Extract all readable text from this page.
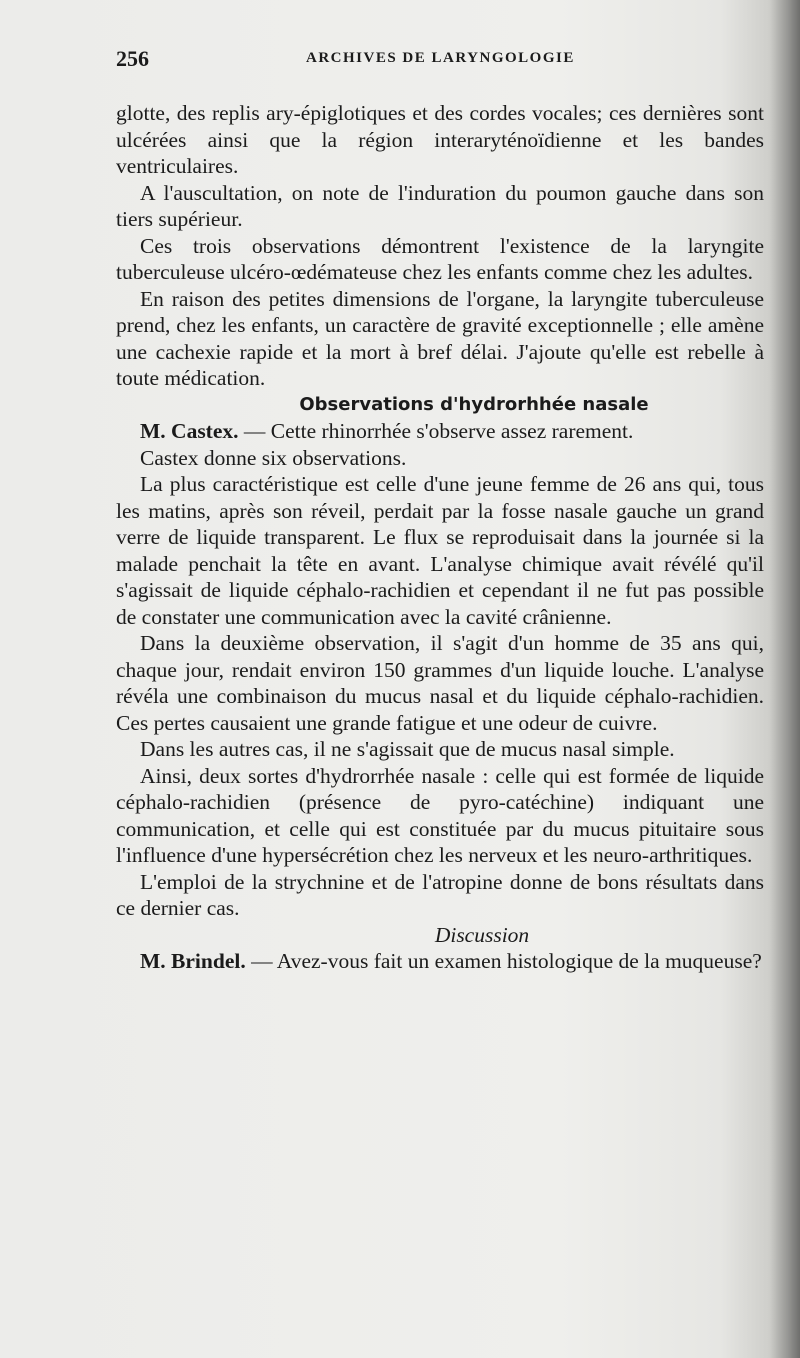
256	ARCHIVES DE LARYNGOLOGIE

glotte, des replis ary-épiglotiques et des cordes vocales; ces dernières sont ulcérées ainsi que la région interaryténoïdienne et les bandes ventriculaires.

A l'auscultation, on note de l'induration du poumon gauche dans son tiers supérieur.

Ces trois observations démontrent l'existence de la laryngite tuberculeuse ulcéro-œdémateuse chez les enfants comme chez les adultes.

En raison des petites dimensions de l'organe, la laryngite tuberculeuse prend, chez les enfants, un caractère de gravité exceptionnelle ; elle amène une cachexie rapide et la mort à bref délai. J'ajoute qu'elle est rebelle à toute médication.

Observations d'hydrorhhée nasale

M. Castex. — Cette rhinorrhée s'observe assez rarement.

Castex donne six observations.

La plus caractéristique est celle d'une jeune femme de 26 ans qui, tous les matins, après son réveil, perdait par la fosse nasale gauche un grand verre de liquide transparent. Le flux se reproduisait dans la journée si la malade penchait la tête en avant. L'analyse chimique avait révélé qu'il s'agissait de liquide céphalo-rachidien et cependant il ne fut pas possible de constater une communication avec la cavité crânienne.

Dans la deuxième observation, il s'agit d'un homme de 35 ans qui, chaque jour, rendait environ 150 grammes d'un liquide louche. L'analyse révéla une combinaison du mucus nasal et du liquide céphalo-rachidien. Ces pertes causaient une grande fatigue et une odeur de cuivre.

Dans les autres cas, il ne s'agissait que de mucus nasal simple.

Ainsi, deux sortes d'hydrorrhée nasale : celle qui est formée de liquide céphalo-rachidien (présence de pyro-catéchine) indiquant une communication, et celle qui est constituée par du mucus pituitaire sous l'influence d'une hypersécrétion chez les nerveux et les neuro-arthritiques.

L'emploi de la strychnine et de l'atropine donne de bons résultats dans ce dernier cas.

Discussion

M. Brindel. — Avez-vous fait un examen histologique de la muqueuse?
